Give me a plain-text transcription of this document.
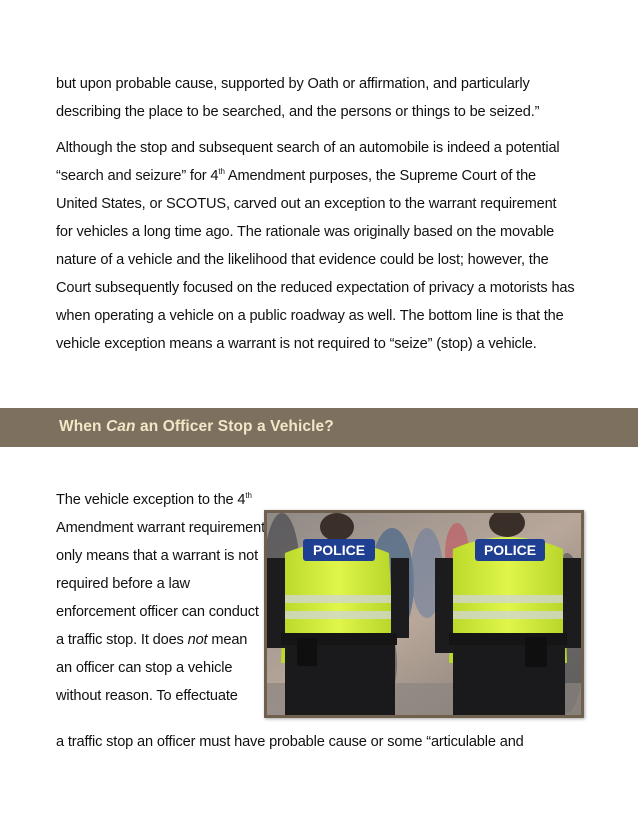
but upon probable cause, supported by Oath or affirmation, and particularly describing the place to be searched, and the persons or things to be seized.”

Although the stop and subsequent search of an automobile is indeed a potential “search and seizure” for 4th Amendment purposes, the Supreme Court of the United States, or SCOTUS, carved out an exception to the warrant requirement for vehicles a long time ago. The rationale was originally based on the movable nature of a vehicle and the likelihood that evidence could be lost; however, the Court subsequently focused on the reduced expectation of privacy a motorists has when operating a vehicle on a public roadway as well. The bottom line is that the vehicle exception means a warrant is not required to “seize” (stop) a vehicle.

When Can an Officer Stop a Vehicle?

The vehicle exception to the 4th Amendment warrant requirement only means that a warrant is not required before a law enforcement officer can conduct a traffic stop. It does not mean an officer can stop a vehicle without reason. To effectuate

a traffic stop an officer must have probable cause or some “articulable and

POLICE	POLICE
